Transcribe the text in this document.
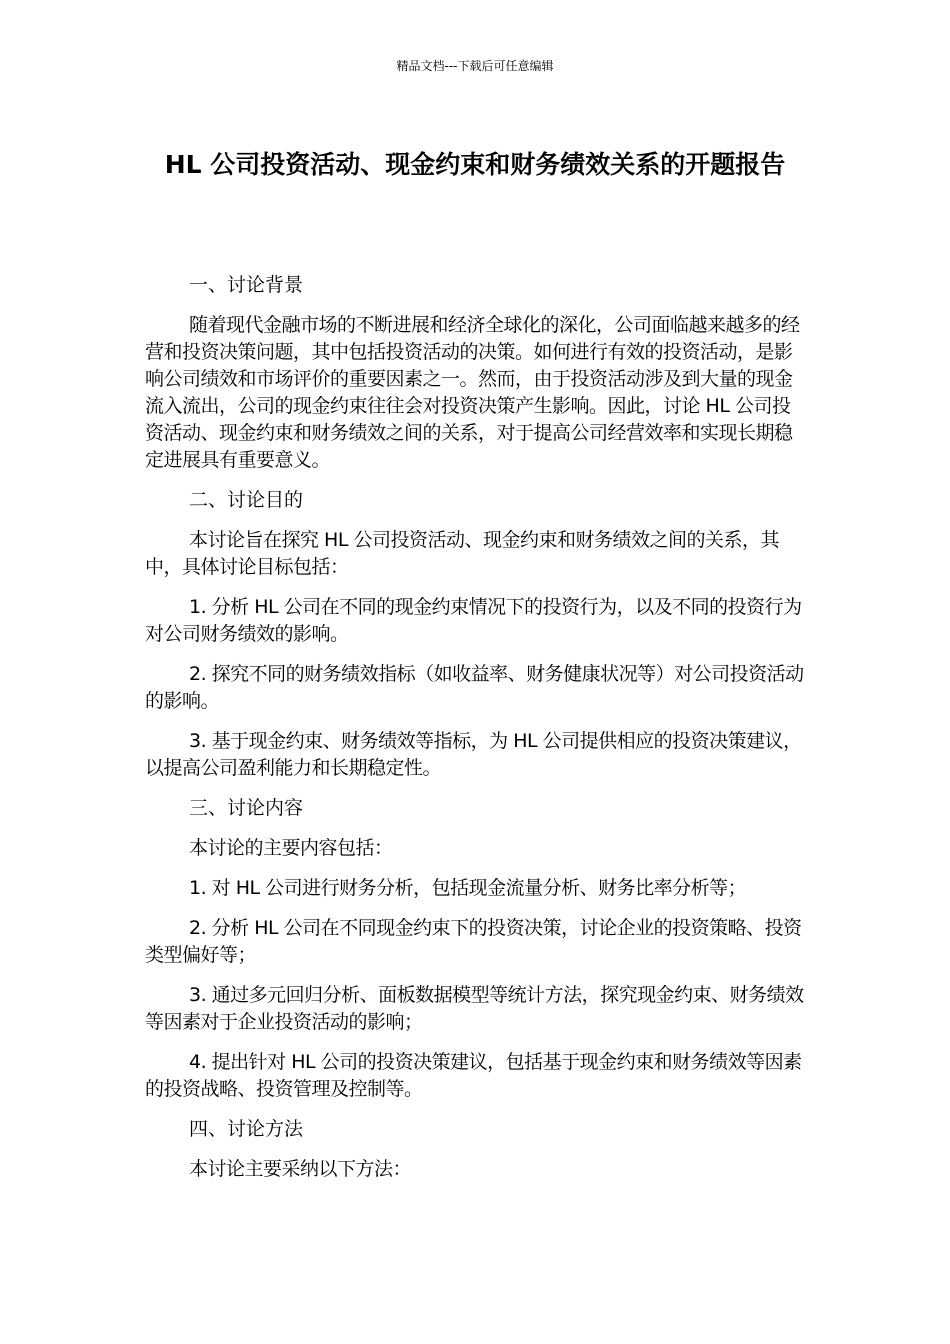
精品文档---下载后可任意编辑
HL 公司投资活动、现金约束和财务绩效关系的开题报告

一、讨论背景

随着现代金融市场的不断进展和经济全球化的深化，公司面临越来越多的经营和投资决策问题，其中包括投资活动的决策。如何进行有效的投资活动，是影响公司绩效和市场评价的重要因素之一。然而，由于投资活动涉及到大量的现金流入流出，公司的现金约束往往会对投资决策产生影响。因此，讨论 HL 公司投资活动、现金约束和财务绩效之间的关系，对于提高公司经营效率和实现长期稳定进展具有重要意义。

二、讨论目的

本讨论旨在探究 HL 公司投资活动、现金约束和财务绩效之间的关系，其中，具体讨论目标包括：

1. 分析 HL 公司在不同的现金约束情况下的投资行为，以及不同的投资行为对公司财务绩效的影响。

2. 探究不同的财务绩效指标（如收益率、财务健康状况等）对公司投资活动的影响。

3. 基于现金约束、财务绩效等指标，为 HL 公司提供相应的投资决策建议，以提高公司盈利能力和长期稳定性。

三、讨论内容

本讨论的主要内容包括：

1. 对 HL 公司进行财务分析，包括现金流量分析、财务比率分析等；

2. 分析 HL 公司在不同现金约束下的投资决策，讨论企业的投资策略、投资类型偏好等；

3. 通过多元回归分析、面板数据模型等统计方法，探究现金约束、财务绩效等因素对于企业投资活动的影响；

4. 提出针对 HL 公司的投资决策建议，包括基于现金约束和财务绩效等因素的投资战略、投资管理及控制等。

四、讨论方法

本讨论主要采纳以下方法：
